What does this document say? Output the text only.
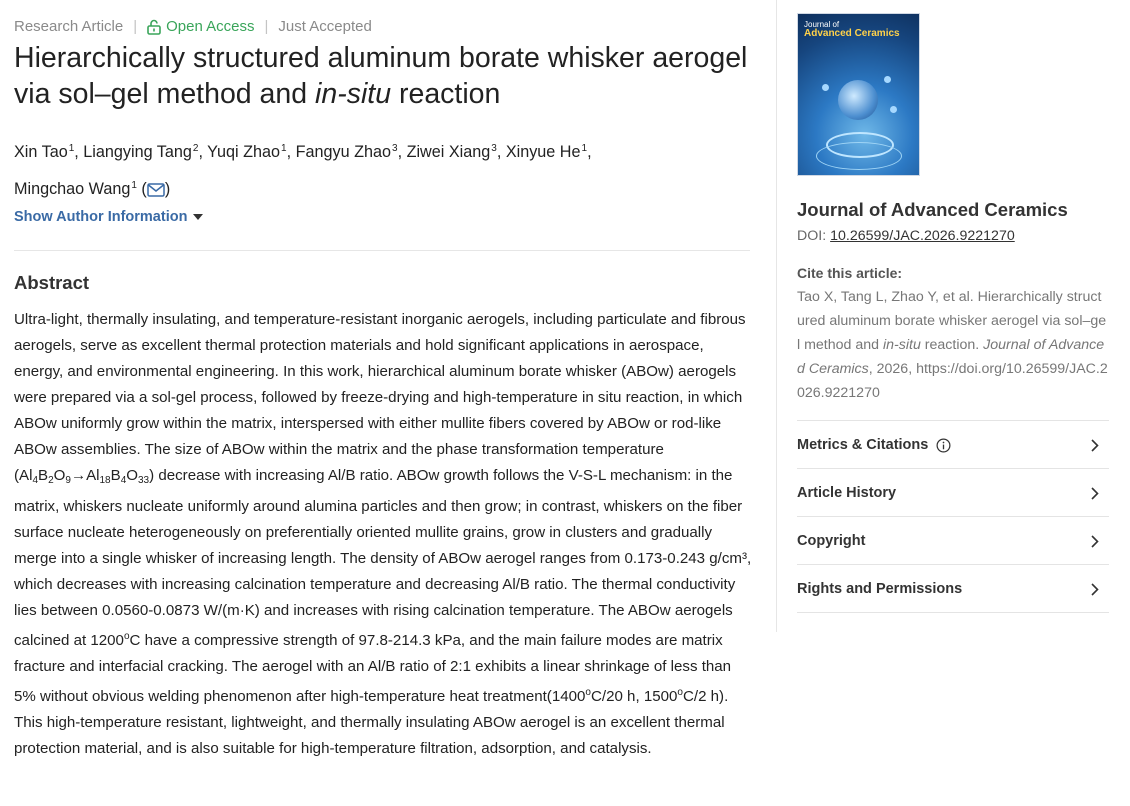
Research Article | Open Access | Just Accepted
Hierarchically structured aluminum borate whisker aerogel via sol–gel method and in-situ reaction
Xin Tao$^1$, Liangying Tang$^2$, Yuqi Zhao$^1$, Fangyu Zhao$^3$, Ziwei Xiang$^3$, Xinyue He$^1$,
Mingchao Wang$^1$ ( )
Show Author Information
Abstract
Ultra-light, thermally insulating, and temperature-resistant inorganic aerogels, including particulate and fibrous aerogels, serve as excellent thermal protection materials and hold significant applications in aerospace, energy, and environmental engineering. In this work, hierarchical aluminum borate whisker (ABOw) aerogels were prepared via a sol-gel process, followed by freeze-drying and high-temperature in situ reaction, in which ABOw uniformly grow within the matrix, interspersed with either mullite fibers covered by ABOw or rod-like ABOw assemblies. The size of ABOw within the matrix and the phase transformation temperature $(Al_4B_2O_9\to Al_{18}B_4O_{33})$ decrease with increasing Al/B ratio. ABOw growth follows the V-S-L mechanism: in the matrix, whiskers nucleate uniformly around alumina particles and then grow; in contrast, whiskers on the fiber surface nucleate heterogeneously on preferentially oriented mullite grains, grow in clusters and gradually merge into a single whisker of increasing length. The density of ABOw aerogel ranges from 0.173-0.243 g/cm³, which decreases with increasing calcination temperature and decreasing Al/B ratio. The thermal conductivity lies between 0.0560-0.0873 W/(m·K) and increases with rising calcination temperature. The ABOw aerogels calcined at 1200$^o$C have a compressive strength of 97.8-214.3 kPa, and the main failure modes are matrix fracture and interfacial cracking. The aerogel with an Al/B ratio of 2:1 exhibits a linear shrinkage of less than 5% without obvious welding phenomenon after high-temperature heat treatment(1400$^o$C/20 h, 1500$^o$C/2 h). This high-temperature resistant, lightweight, and thermally insulating ABOw aerogel is an excellent thermal protection material, and is also suitable for high-temperature filtration, adsorption, and catalysis.
Journal of
Advanced Ceramics
Journal of Advanced Ceramics
DOI: 10.26599/JAC.2026.9221270
Cite this article:
Tao X, Tang L, Zhao Y, et al. Hierarchically structured aluminum borate whisker aerogel via sol–gel method and in-situ reaction. Journal of Advanced Ceramics, 2026, https://doi.org/10.26599/JAC.2026.9221270
Metrics & Citations
Article History
Copyright
Rights and Permissions
